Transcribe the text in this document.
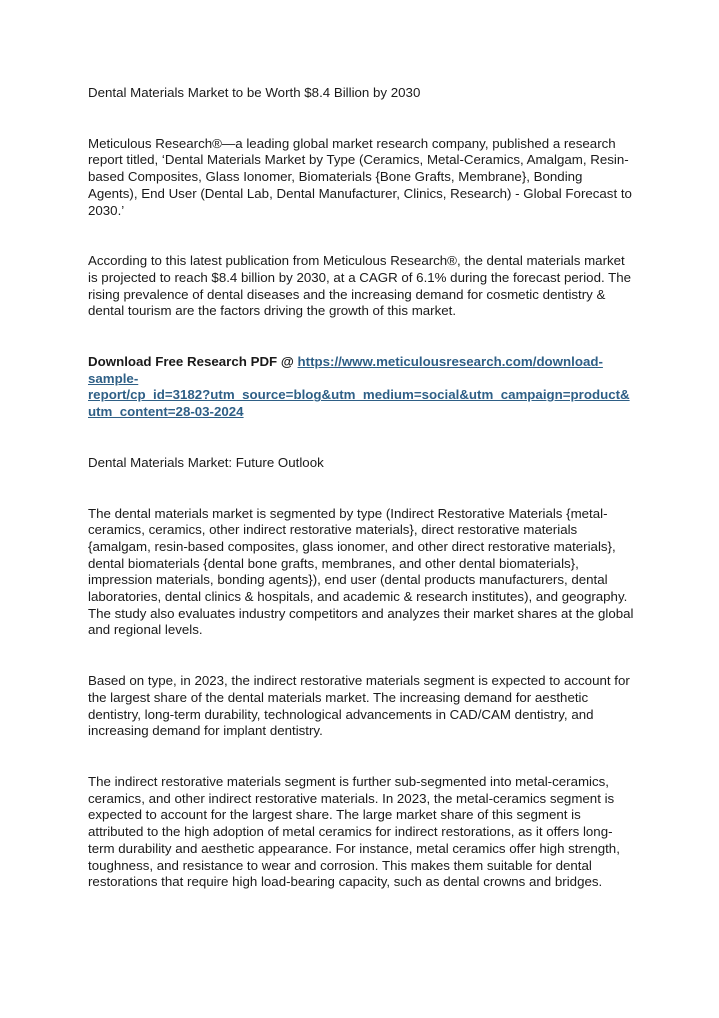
Dental Materials Market to be Worth $8.4 Billion by 2030

Meticulous Research®—a leading global market research company, published a research
report titled, ‘Dental Materials Market by Type (Ceramics, Metal-Ceramics, Amalgam, Resin-
based Composites, Glass Ionomer, Biomaterials {Bone Grafts, Membrane}, Bonding
Agents), End User (Dental Lab, Dental Manufacturer, Clinics, Research) - Global Forecast to
2030.’

According to this latest publication from Meticulous Research®, the dental materials market
is projected to reach $8.4 billion by 2030, at a CAGR of 6.1% during the forecast period. The
rising prevalence of dental diseases and the increasing demand for cosmetic dentistry &
dental tourism are the factors driving the growth of this market.

Download Free Research PDF @ https://www.meticulousresearch.com/download-
sample-
report/cp_id=3182?utm_source=blog&utm_medium=social&utm_campaign=product&
utm_content=28-03-2024

Dental Materials Market: Future Outlook

The dental materials market is segmented by type (Indirect Restorative Materials {metal-
ceramics, ceramics, other indirect restorative materials}, direct restorative materials
{amalgam, resin-based composites, glass ionomer, and other direct restorative materials},
dental biomaterials {dental bone grafts, membranes, and other dental biomaterials},
impression materials, bonding agents}), end user (dental products manufacturers, dental
laboratories, dental clinics & hospitals, and academic & research institutes), and geography.
The study also evaluates industry competitors and analyzes their market shares at the global
and regional levels.

Based on type, in 2023, the indirect restorative materials segment is expected to account for
the largest share of the dental materials market. The increasing demand for aesthetic
dentistry, long-term durability, technological advancements in CAD/CAM dentistry, and
increasing demand for implant dentistry.

The indirect restorative materials segment is further sub-segmented into metal-ceramics,
ceramics, and other indirect restorative materials. In 2023, the metal-ceramics segment is
expected to account for the largest share. The large market share of this segment is
attributed to the high adoption of metal ceramics for indirect restorations, as it offers long-
term durability and aesthetic appearance. For instance, metal ceramics offer high strength,
toughness, and resistance to wear and corrosion. This makes them suitable for dental
restorations that require high load-bearing capacity, such as dental crowns and bridges.
